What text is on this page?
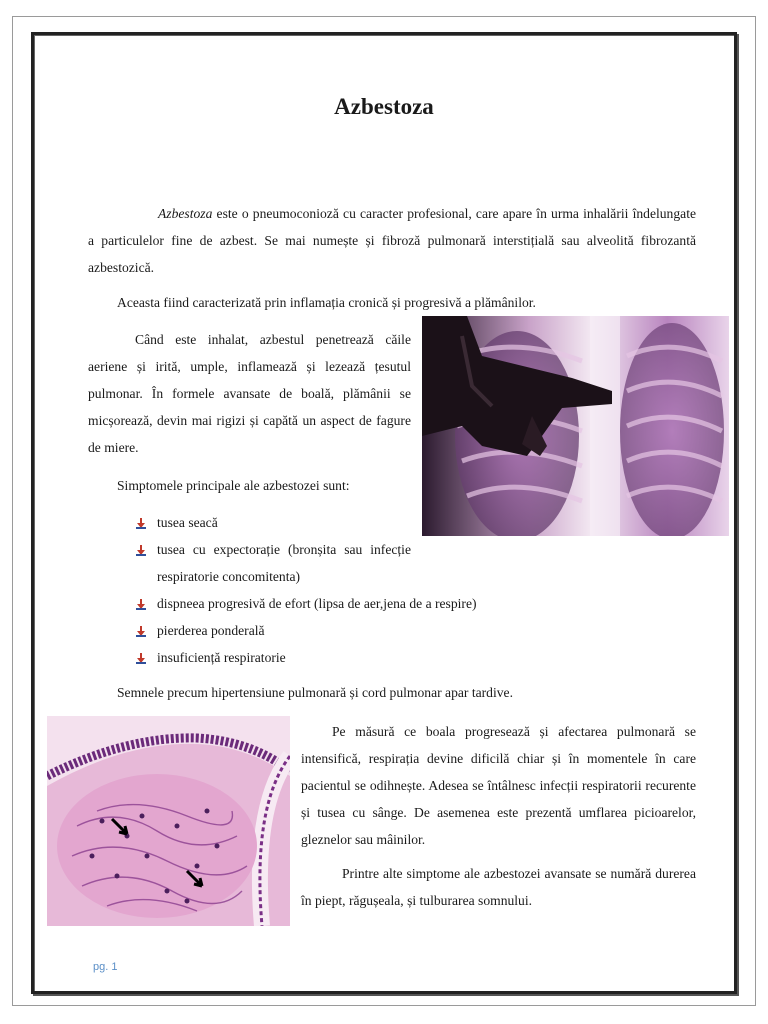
Azbestoza

Azbestoza este o pneumoconioză cu caracter profesional, care apare în urma inhalării îndelungate a particulelor fine de azbest. Se mai numește și fibroză pulmonară interstițială sau alveolită fibrozantă azbestozică.

Aceasta fiind caracterizată prin inflamația cronică și progresivă a plămânilor.

Când este inhalat, azbestul penetrează căile aeriene și irită, umple, inflamează și lezează țesutul pulmonar. În formele avansate de boală, plămânii se micșorează, devin mai rigizi și capătă un aspect de fagure de miere.

Simptomele principale ale azbestozei sunt:

tusea seacă
tusea cu expectorație (bronșita sau infecție respiratorie concomitenta)
dispneea progresivă de efort (lipsa de aer,jena de a respire)
pierderea ponderală
insuficiență respiratorie

Semnele precum hipertensiune pulmonară și cord pulmonar apar tardive.

Pe măsură ce boala progresează și afectarea pulmonară se intensifică, respirația devine dificilă chiar și în momentele în care pacientul se odihnește. Adesea se întâlnesc infecții respiratorii recurente și tusea cu sânge. De asemenea este prezentă umflarea picioarelor, gleznelor sau mâinilor.

Printre alte simptome ale azbestozei avansate se numără durerea în piept, răgușeala, și tulburarea somnului.

pg. 1
